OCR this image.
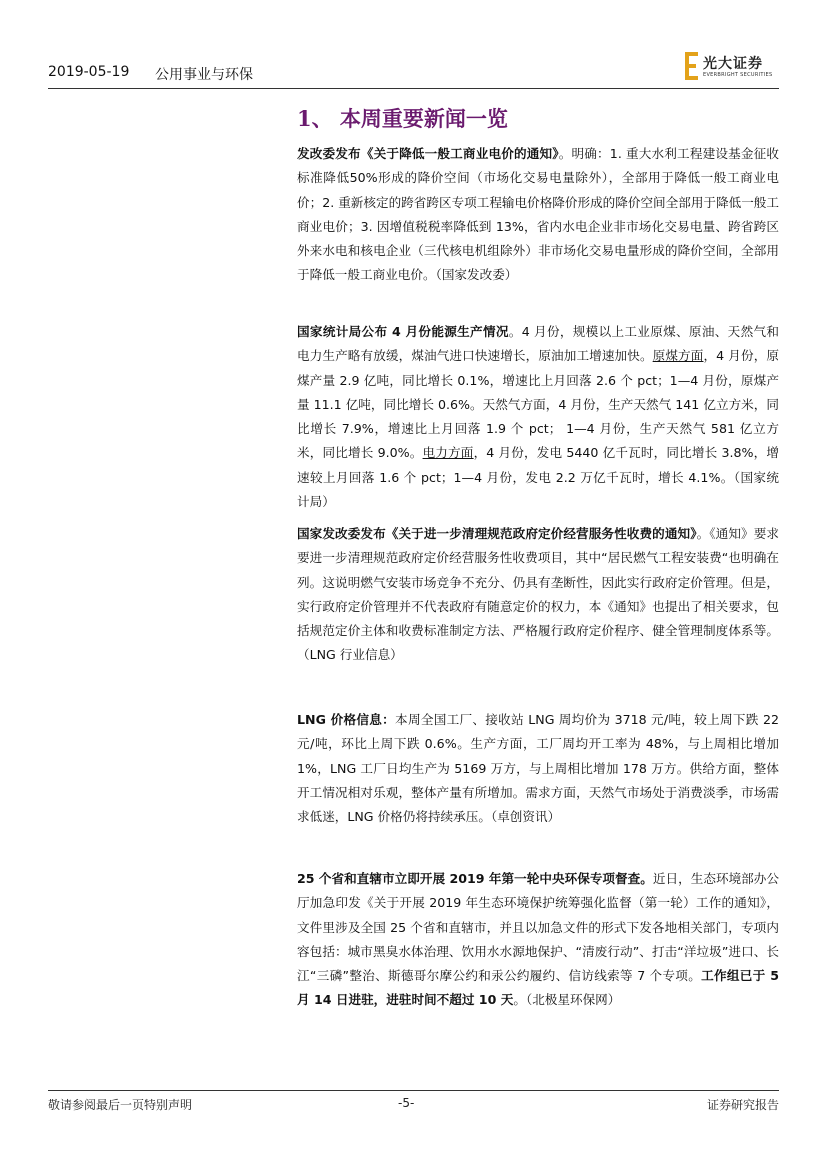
2019-05-19 公用事业与环保
光大证券
EVERBRIGHT SECURITIES
1、 本周重要新闻一览
发改委发布《关于降低一般工商业电价的通知》。明确：1. 重大水利工程建设基金征收标准降低50%形成的降价空间（市场化交易电量除外），全部用于降低一般工商业电价；2. 重新核定的跨省跨区专项工程输电价格降价形成的降价空间全部用于降低一般工商业电价；3. 因增值税税率降低到 13%，省内水电企业非市场化交易电量、跨省跨区外来水电和核电企业（三代核电机组除外）非市场化交易电量形成的降价空间，全部用于降低一般工商业电价。（国家发改委）
国家统计局公布 4 月份能源生产情况。4 月份，规模以上工业原煤、原油、天然气和电力生产略有放缓，煤油气进口快速增长，原油加工增速加快。原煤方面，4 月份，原煤产量 2.9 亿吨，同比增长 0.1%，增速比上月回落 2.6 个 pct；1—4 月份，原煤产量 11.1 亿吨，同比增长 0.6%。天然气方面，4 月份，生产天然气 141 亿立方米，同比增长 7.9%，增速比上月回落 1.9 个 pct； 1—4 月份，生产天然气 581 亿立方米，同比增长 9.0%。电力方面，4 月份，发电 5440 亿千瓦时，同比增长 3.8%，增速较上月回落 1.6 个 pct；1—4 月份，发电 2.2 万亿千瓦时，增长 4.1%。（国家统计局）
国家发改委发布《关于进一步清理规范政府定价经营服务性收费的通知》。《通知》要求要进一步清理规范政府定价经营服务性收费项目，其中“居民燃气工程安装费“也明确在列。这说明燃气安装市场竞争不充分、仍具有垄断性，因此实行政府定价管理。但是，实行政府定价管理并不代表政府有随意定价的权力，本《通知》也提出了相关要求，包括规范定价主体和收费标准制定方法、严格履行政府定价程序、健全管理制度体系等。（LNG 行业信息）
LNG 价格信息：本周全国工厂、接收站 LNG 周均价为 3718 元/吨，较上周下跌 22 元/吨，环比上周下跌 0.6%。生产方面，工厂周均开工率为 48%，与上周相比增加 1%，LNG 工厂日均生产为 5169 万方，与上周相比增加 178 万方。供给方面，整体开工情况相对乐观，整体产量有所增加。需求方面，天然气市场处于消费淡季，市场需求低迷，LNG 价格仍将持续承压。（卓创资讯）
25 个省和直辖市立即开展 2019 年第一轮中央环保专项督查。近日，生态环境部办公厅加急印发《关于开展 2019 年生态环境保护统筹强化监督（第一轮）工作的通知》，文件里涉及全国 25 个省和直辖市，并且以加急文件的形式下发各地相关部门，专项内容包括：城市黑臭水体治理、饮用水水源地保护、“清废行动”、打击“洋垃圾”进口、长江“三磷”整治、斯德哥尔摩公约和汞公约履约、信访线索等 7 个专项。工作组已于 5 月 14 日进驻，进驻时间不超过 10 天。（北极星环保网）
敬请参阅最后一页特别声明	-5-	证券研究报告
